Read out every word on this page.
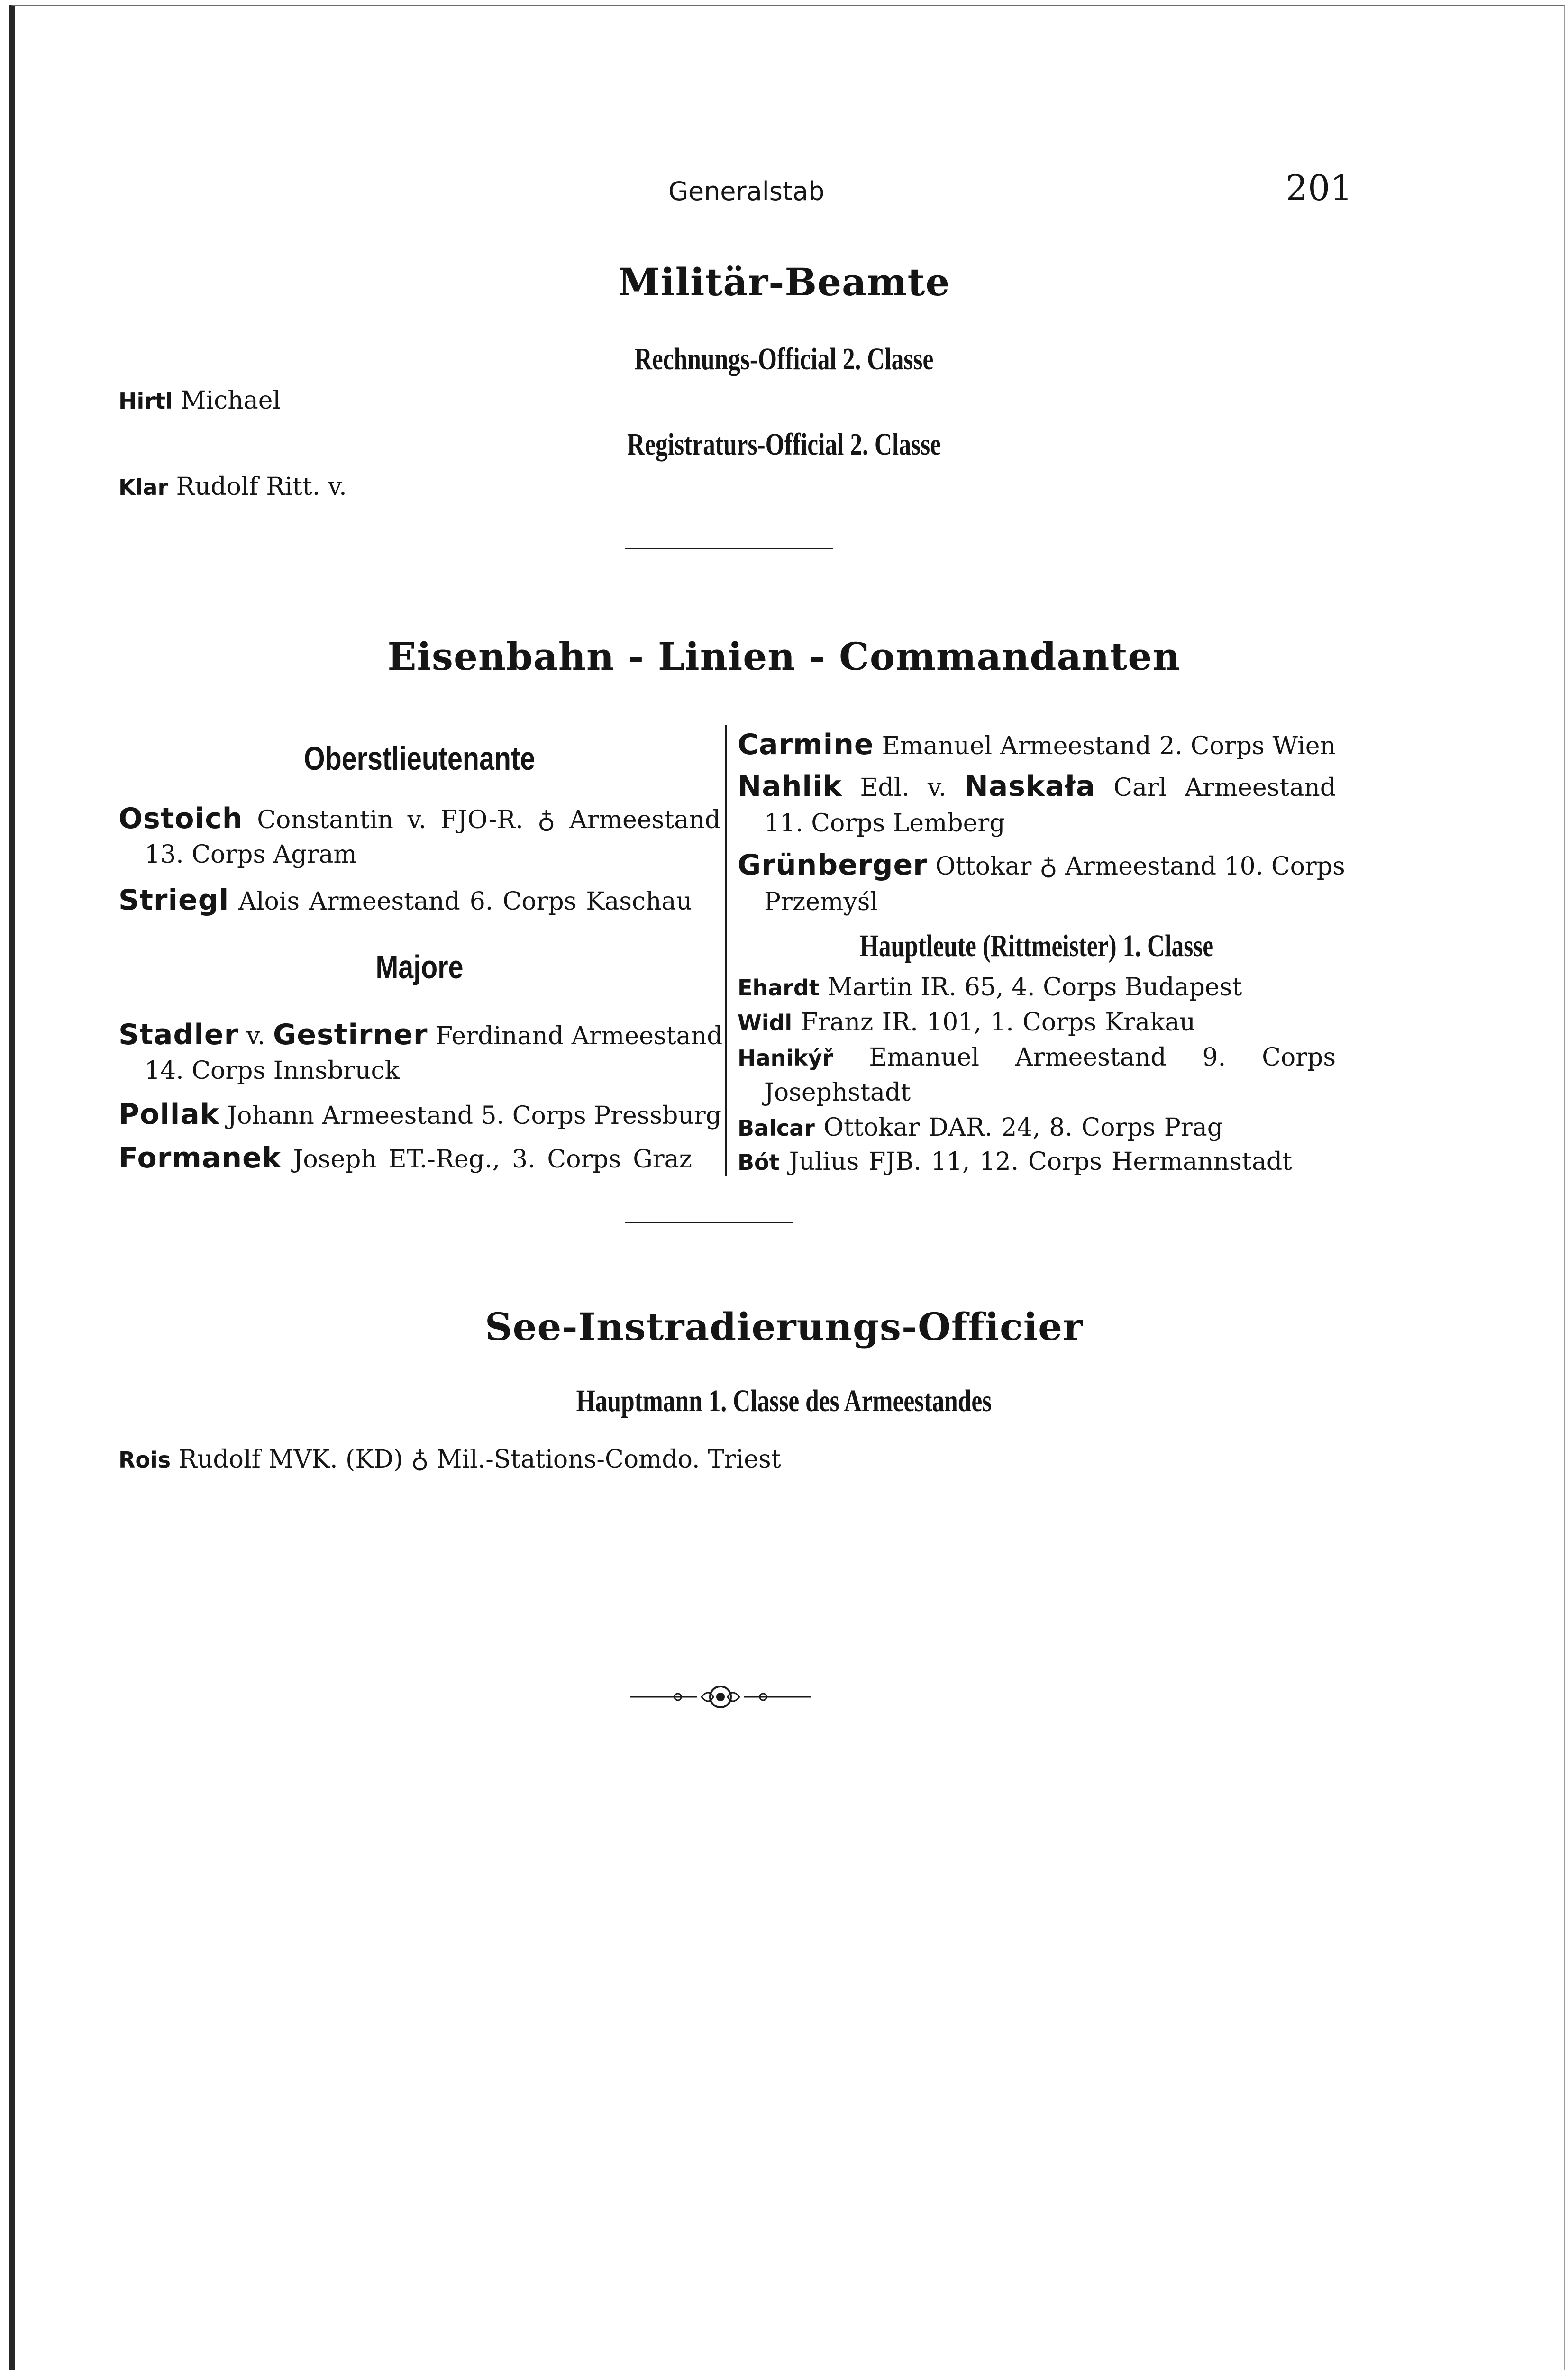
Generalstab	201
Militär-Beamte
Rechnungs-Official 2. Classe
Hirtl Michael
Registraturs-Official 2. Classe
Klar Rudolf Ritt. v.
Eisenbahn - Linien - Commandanten
Oberstlieutenante
Ostoich Constantin v. FJO-R. ♁ Armeestand
13. Corps Agram
Striegl Alois Armeestand 6. Corps Kaschau
Majore
Stadler v. Gestirner Ferdinand Armeestand
14. Corps Innsbruck
Pollak Johann Armeestand 5. Corps Pressburg
Formanek Joseph ET.-Reg., 3. Corps Graz
Carmine Emanuel Armeestand 2. Corps Wien
Nahlik Edl. v. Naskała Carl Armeestand
11. Corps Lemberg
Grünberger Ottokar ♁ Armeestand 10. Corps
Przemyśl
Hauptleute (Rittmeister) 1. Classe
Ehardt Martin IR. 65, 4. Corps Budapest
Widl Franz IR. 101, 1. Corps Krakau
Hanikýř Emanuel Armeestand 9. Corps
Josephstadt
Balcar Ottokar DAR. 24, 8. Corps Prag
Bót Julius FJB. 11, 12. Corps Hermannstadt
See-Instradierungs-Officier
Hauptmann 1. Classe des Armeestandes
Rois Rudolf MVK. (KD) ♁ Mil.-Stations-Comdo. Triest
